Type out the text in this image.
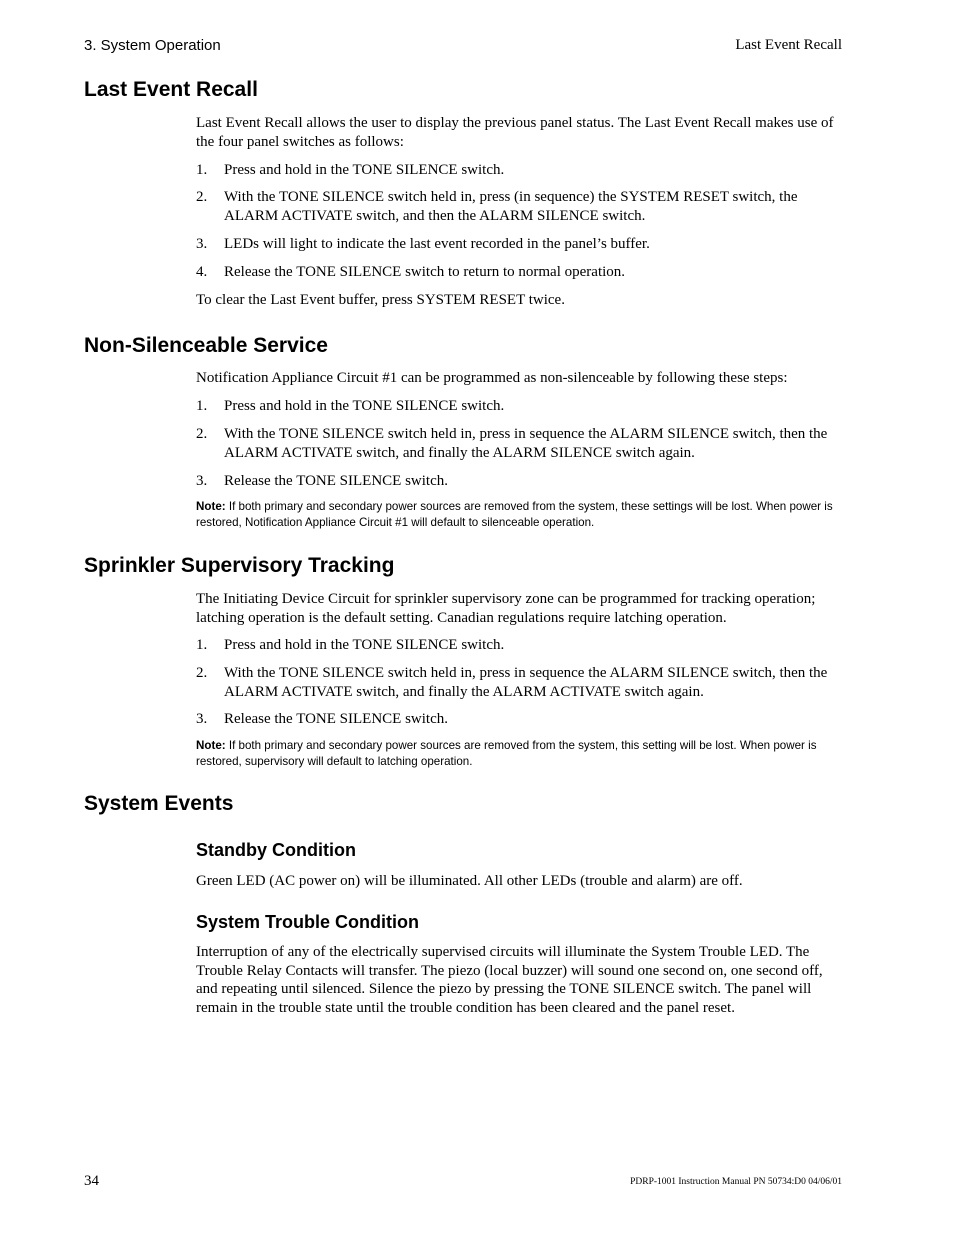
3. System Operation	Last Event Recall
Last Event Recall

Last Event Recall allows the user to display the previous panel status. The Last Event Recall makes use of the four panel switches as follows:

1. Press and hold in the TONE SILENCE switch.
2. With the TONE SILENCE switch held in, press (in sequence) the SYSTEM RESET switch, the ALARM ACTIVATE switch, and then the ALARM SILENCE switch.
3. LEDs will light to indicate the last event recorded in the panel’s buffer.
4. Release the TONE SILENCE switch to return to normal operation.

To clear the Last Event buffer, press SYSTEM RESET twice.

Non-Silenceable Service

Notification Appliance Circuit #1 can be programmed as non-silenceable by following these steps:

1. Press and hold in the TONE SILENCE switch.
2. With the TONE SILENCE switch held in, press in sequence the ALARM SILENCE switch, then the ALARM ACTIVATE switch, and finally the ALARM SILENCE switch again.
3. Release the TONE SILENCE switch.

Note: If both primary and secondary power sources are removed from the system, these settings will be lost. When power is restored, Notification Appliance Circuit #1 will default to silenceable operation.

Sprinkler Supervisory Tracking

The Initiating Device Circuit for sprinkler supervisory zone can be programmed for tracking operation; latching operation is the default setting. Canadian regulations require latching operation.

1. Press and hold in the TONE SILENCE switch.
2. With the TONE SILENCE switch held in, press in sequence the ALARM SILENCE switch, then the ALARM ACTIVATE switch, and finally the ALARM ACTIVATE switch again.
3. Release the TONE SILENCE switch.

Note: If both primary and secondary power sources are removed from the system, this setting will be lost. When power is restored, supervisory will default to latching operation.

System Events
Standby Condition

Green LED (AC power on) will be illuminated. All other LEDs (trouble and alarm) are off.

System Trouble Condition

Interruption of any of the electrically supervised circuits will illuminate the System Trouble LED. The Trouble Relay Contacts will transfer. The piezo (local buzzer) will sound one second on, one second off, and repeating until silenced. Silence the piezo by pressing the TONE SILENCE switch. The panel will remain in the trouble state until the trouble condition has been cleared and the panel reset.

34	PDRP-1001 Instruction Manual PN 50734:D0 04/06/01
